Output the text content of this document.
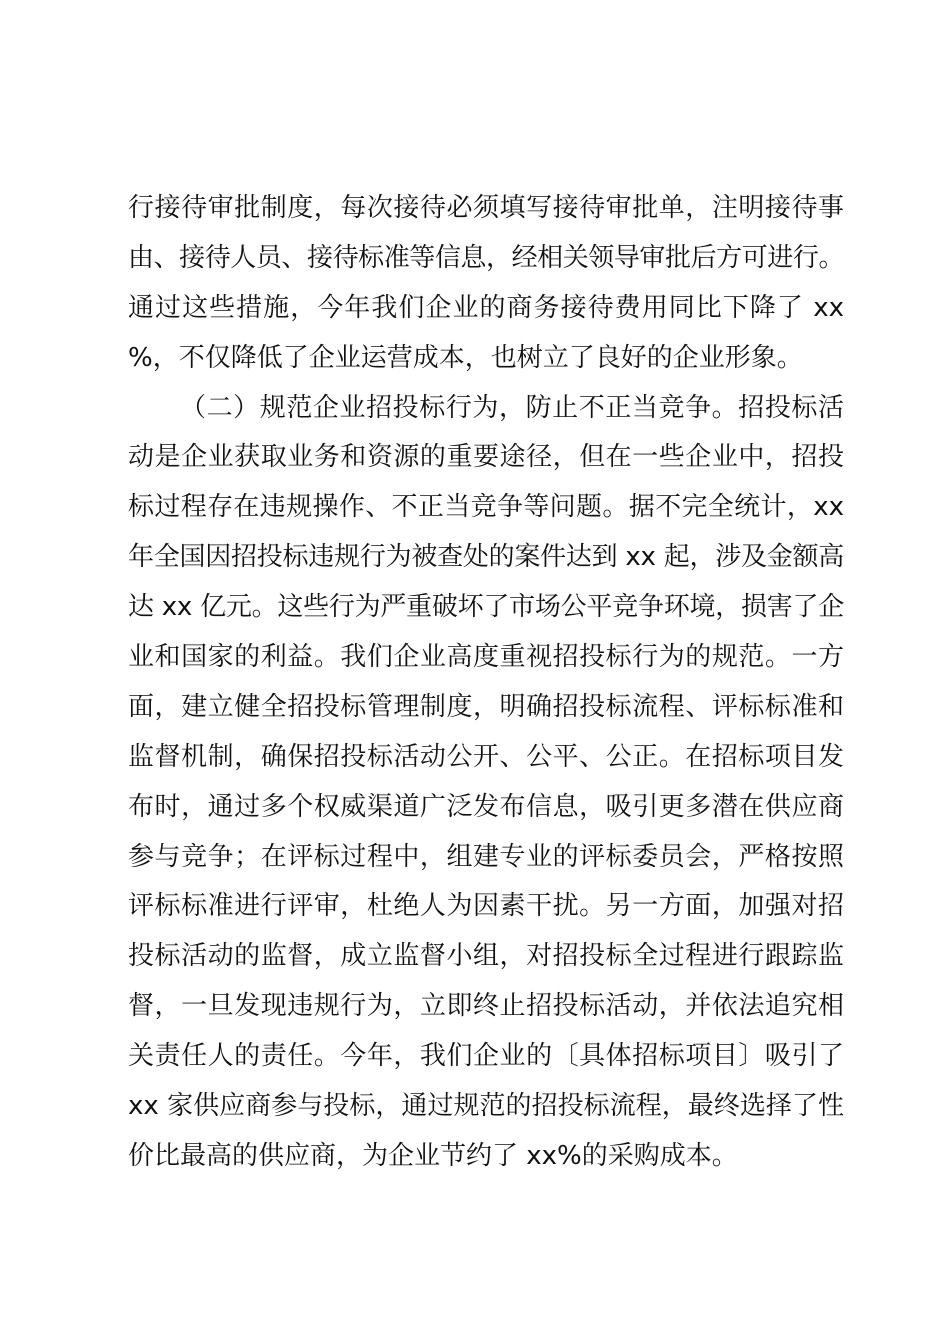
行接待审批制度，每次接待必须填写接待审批单，注明接待事
由、接待人员、接待标准等信息，经相关领导审批后方可进行。
通过这些措施，今年我们企业的商务接待费用同比下降了 xx
%，不仅降低了企业运营成本，也树立了良好的企业形象。
（二）规范企业招投标行为，防止不正当竞争。招投标活
动是企业获取业务和资源的重要途径，但在一些企业中，招投
标过程存在违规操作、不正当竞争等问题。据不完全统计，xx
年全国因招投标违规行为被查处的案件达到 xx 起，涉及金额高
达 xx 亿元。这些行为严重破坏了市场公平竞争环境，损害了企
业和国家的利益。我们企业高度重视招投标行为的规范。一方
面，建立健全招投标管理制度，明确招投标流程、评标标准和
监督机制，确保招投标活动公开、公平、公正。在招标项目发
布时，通过多个权威渠道广泛发布信息，吸引更多潜在供应商
参与竞争；在评标过程中，组建专业的评标委员会，严格按照
评标标准进行评审，杜绝人为因素干扰。另一方面，加强对招
投标活动的监督，成立监督小组，对招投标全过程进行跟踪监
督，一旦发现违规行为，立即终止招投标活动，并依法追究相
关责任人的责任。今年，我们企业的〔具体招标项目〕吸引了
xx 家供应商参与投标，通过规范的招投标流程，最终选择了性
价比最高的供应商，为企业节约了 xx%的采购成本。
